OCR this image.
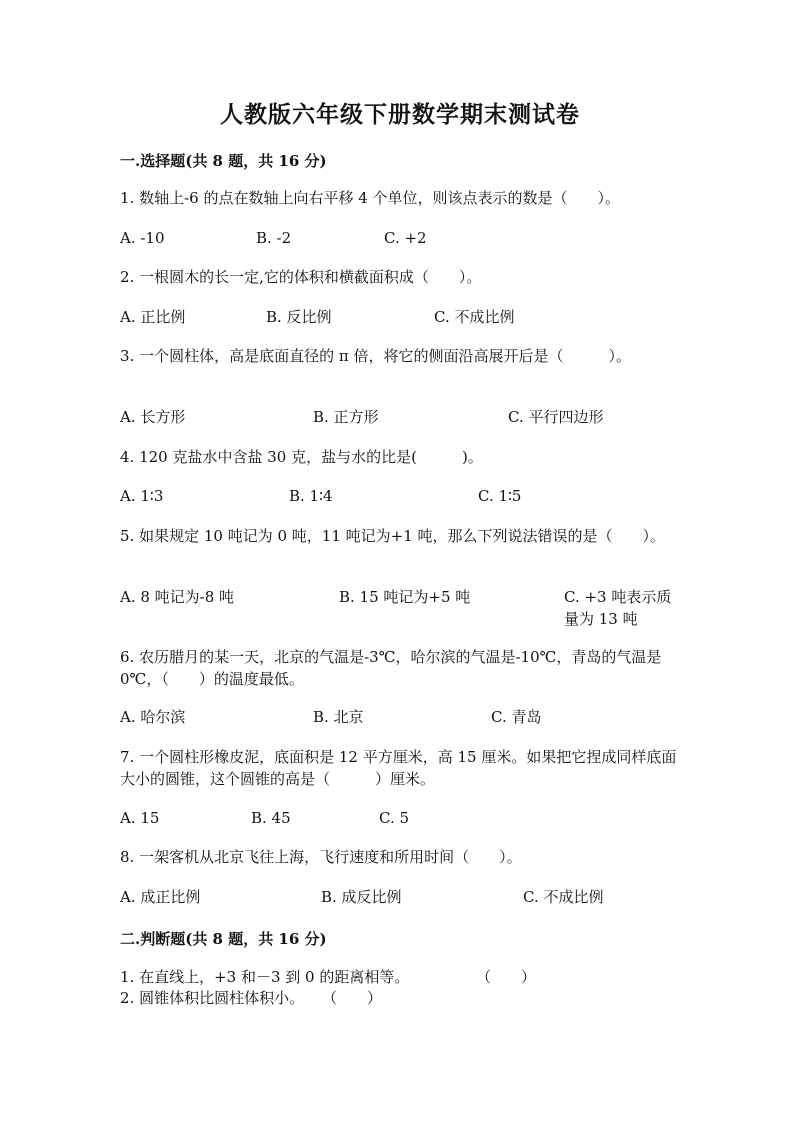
人教版六年级下册数学期末测试卷
一.选择题(共 8 题，共 16 分)
1. 数轴上-6 的点在数轴上向右平移 4 个单位，则该点表示的数是（　　）。
A. -10	B. -2	C. +2
2. 一根圆木的长一定,它的体积和横截面积成（　　）。
A. 正比例	B. 反比例	C. 不成比例
3. 一个圆柱体，高是底面直径的 π 倍，将它的侧面沿高展开后是（　　　）。
A. 长方形	B. 正方形	C. 平行四边形
4. 120 克盐水中含盐 30 克，盐与水的比是(　　　)。
A. 1∶3	B. 1∶4	C. 1∶5
5. 如果规定 10 吨记为 0 吨，11 吨记为+1 吨，那么下列说法错误的是（　　）。
A. 8 吨记为-8 吨	B. 15 吨记为+5 吨	C. +3 吨表示质量为 13 吨
6. 农历腊月的某一天，北京的气温是-3℃，哈尔滨的气温是-10℃，青岛的气温是 0℃，（　　）的温度最低。
A. 哈尔滨	B. 北京	C. 青岛
7. 一个圆柱形橡皮泥，底面积是 12 平方厘米，高 15 厘米。如果把它捏成同样底面大小的圆锥，这个圆锥的高是（　　　）厘米。
A. 15	B. 45	C. 5
8. 一架客机从北京飞往上海，飞行速度和所用时间（　　）。
A. 成正比例	B. 成反比例	C. 不成比例
二.判断题(共 8 题，共 16 分)
1. 在直线上，+3 和－3 到 0 的距离相等。	（　　）
2. 圆锥体积比圆柱体积小。 （　　）
